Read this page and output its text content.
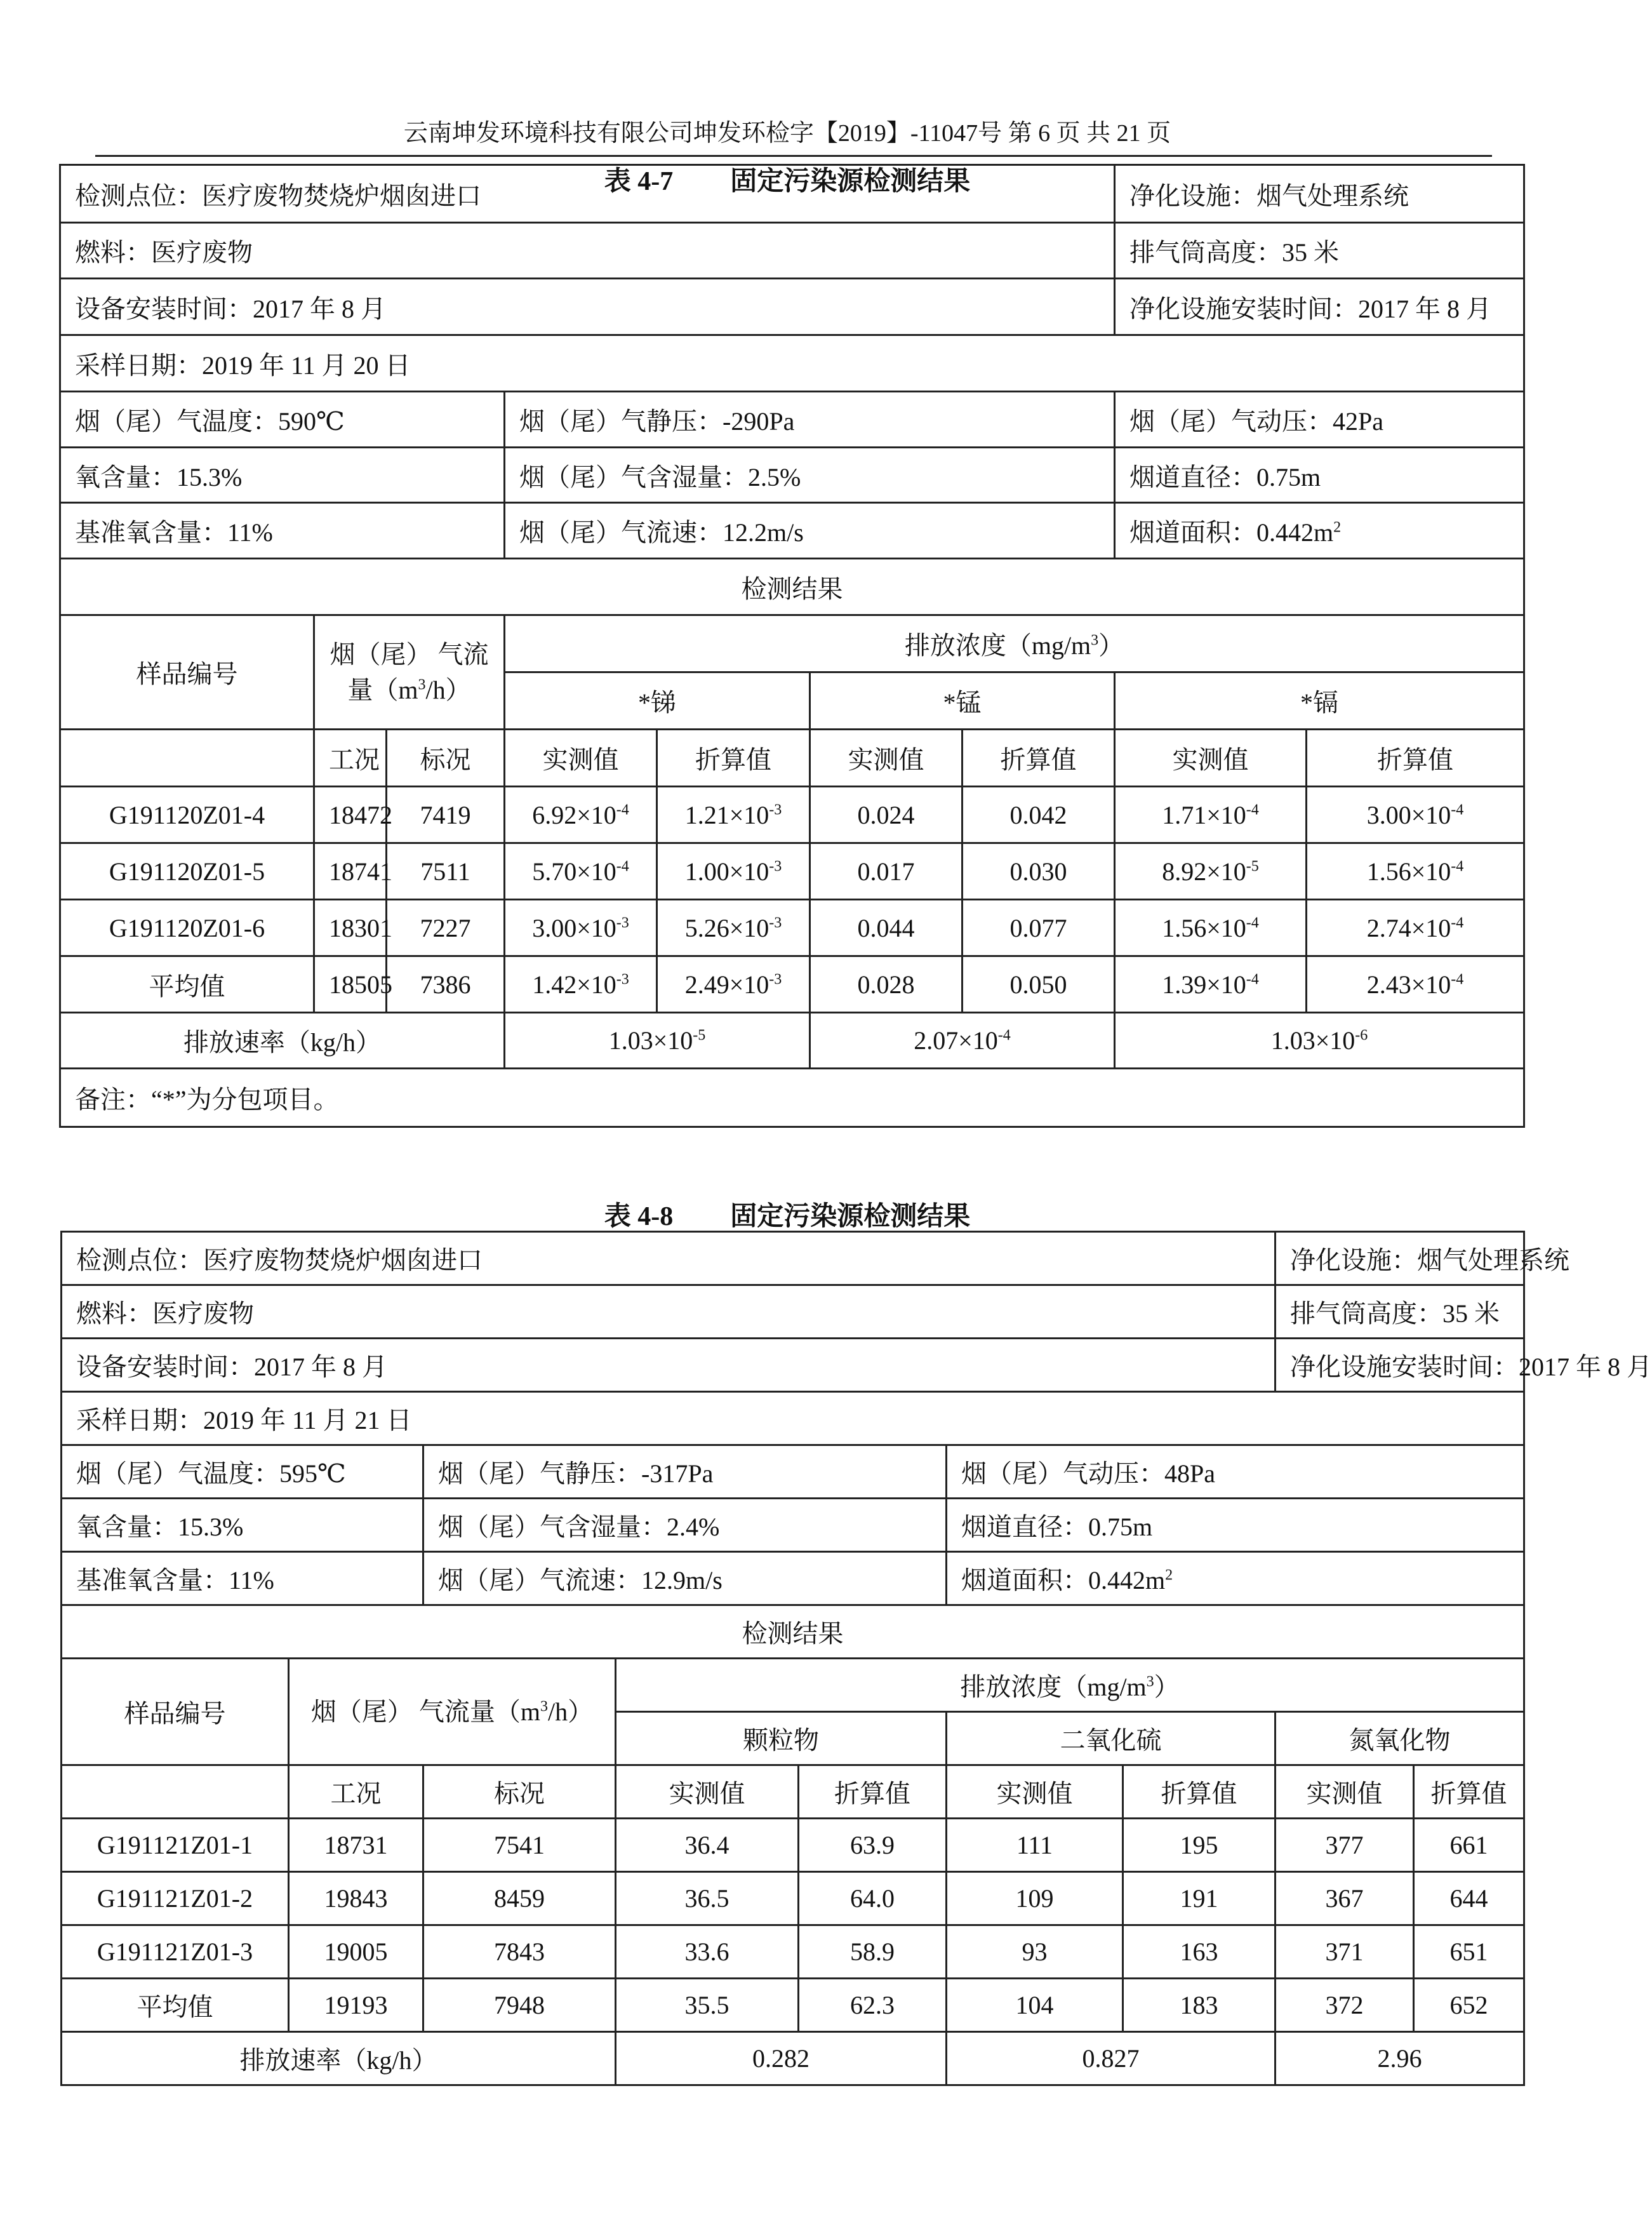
云南坤发环境科技有限公司坤发环检字【2019】-11047号 第 6 页 共 21 页
表 4-7 固定污染源检测结果
检测点位：医疗废物焚烧炉烟囱进口							净化设施：烟气处理系统	
燃料：医疗废物							排气筒高度：35 米	
设备安装时间：2017 年 8 月							净化设施安装时间：2017 年 8 月	
采样日期：2019 年 11 月 20 日								
烟（尾）气温度：590℃			烟（尾）气静压：-290Pa				烟（尾）气动压：42Pa	
氧含量：15.3%			烟（尾）气含湿量：2.5%				烟道直径：0.75m	
基准氧含量：11%			烟（尾）气流速：12.2m/s				烟道面积：$0.442m^2$
检测结果								
样品编号	烟（尾） 气流量$(m^3/h)$		排放浓度$(mg/m^3)$					
			*锑		*锰		*镉	
	工况	标况	实测值	折算值	实测值	折算值	实测值	折算值
G191120Z01-4	18472	7419	$6.92\times 10^{-4}$	$1.21\times 10^{-3}$	0.024	0.042	$1.71\times 10^{-4}$	$3.00\times 10^{-4}$
G191120Z01-5	18741	7511	$5.70\times 10^{-4}$	$1.00\times 10^{-3}$	0.017	0.030	$8.92\times 10^{-5}$	$1.56\times 10^{-4}$
G191120Z01-6	18301	7227	$3.00\times 10^{-3}$	$5.26\times 10^{-3}$	0.044	0.077	$1.56\times 10^{-4}$	$2.74\times 10^{-4}$
平均值	18505	7386	$1.42\times 10^{-3}$	$2.49\times 10^{-3}$	0.028	0.050	$1.39\times 10^{-4}$	$2.43\times 10^{-4}$
排放速率（kg/h）			$1.03\times 10^{-5}$		$2.07\times 10^{-4}$		$1.03\times 10^{-6}$
备注：“*”为分包项目。								
表 4-8 固定污染源检测结果
检测点位：医疗废物焚烧炉烟囱进口							净化设施：烟气处理系统	
燃料：医疗废物							排气筒高度：35 米	
设备安装时间：2017 年 8 月							净化设施安装时间：2017 年 8 月	
采样日期：2019 年 11 月 21 日								
烟（尾）气温度：595℃		烟（尾）气静压：-317Pa			烟（尾）气动压：48Pa			
氧含量：15.3%		烟（尾）气含湿量：2.4%			烟道直径：0.75m			
基准氧含量：11%		烟（尾）气流速：12.9m/s			烟道面积：$0.442m^2$
检测结果								
样品编号	烟（尾） 气流量$(m^3/h)$		排放浓度$(mg/m^3)$					
			颗粒物		二氧化硫		氮氧化物	
	工况	标况	实测值	折算值	实测值	折算值	实测值	折算值
G191121Z01-1	18731	7541	36.4	63.9	111	195	377	661
G191121Z01-2	19843	8459	36.5	64.0	109	191	367	644
G191121Z01-3	19005	7843	33.6	58.9	93	163	371	651
平均值	19193	7948	35.5	62.3	104	183	372	652
排放速率（kg/h）			0.282		0.827		2.96	
